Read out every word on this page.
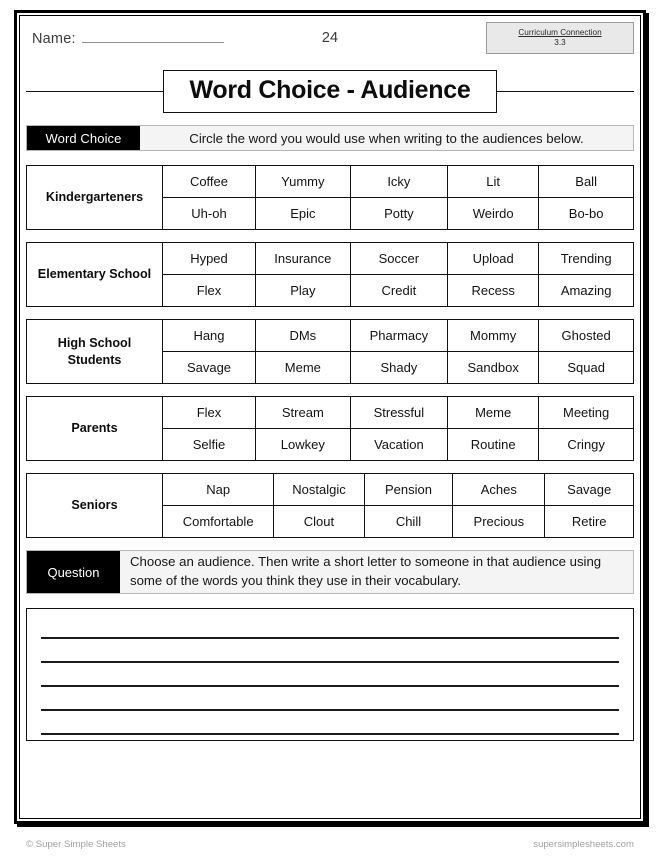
Name:	24	Curriculum Connection
3.3
Word Choice - Audience
Word Choice	Circle the word you would use when writing to the audiences below.
Kindergarteners
Coffee	Yummy	Icky	Lit	Ball
Uh-oh	Epic	Potty	Weirdo	Bo-bo
Elementary School
Hyped	Insurance	Soccer	Upload	Trending
Flex	Play	Credit	Recess	Amazing
High School Students
Hang	DMs	Pharmacy	Mommy	Ghosted
Savage	Meme	Shady	Sandbox	Squad
Parents
Flex	Stream	Stressful	Meme	Meeting
Selfie	Lowkey	Vacation	Routine	Cringy
Seniors
Nap	Nostalgic	Pension	Aches	Savage
Comfortable	Clout	Chill	Precious	Retire
Question
Choose an audience. Then write a short letter to someone in that audience using some of the words you think they use in their vocabulary.
© Super Simple Sheets	supersimplesheets.com
